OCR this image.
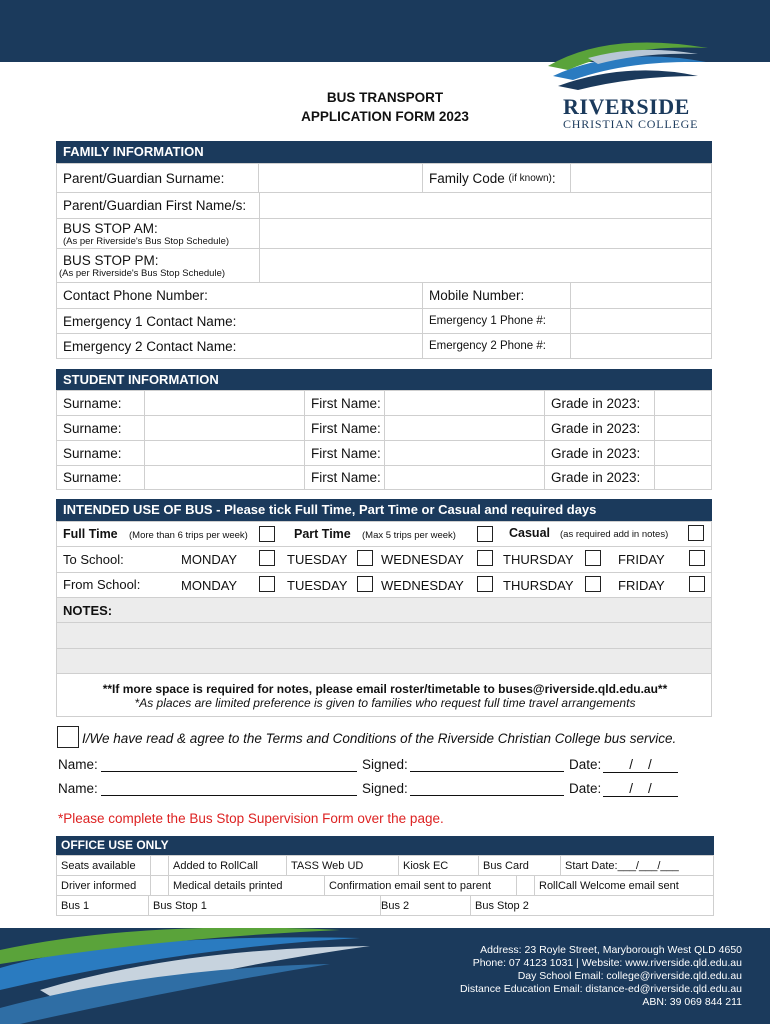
RIVERSIDE
CHRISTIAN COLLEGE
BUS TRANSPORT
APPLICATION FORM 2023
FAMILY INFORMATION
Parent/Guardian Surname:	Family Code
(if known) :
Parent/Guardian First Name/s:
BUS STOP AM:
(As per Riverside's Bus Stop Schedule)
BUS STOP PM:
(As per Riverside's Bus Stop Schedule)
Contact Phone Number:	Mobile Number:
Emergency 1 Contact Name:	Emergency 1 Phone #:
Emergency 2 Contact Name:	Emergency 2 Phone #:
STUDENT INFORMATION
Surname:	First Name:	Grade in 2023:
Surname:	First Name:	Grade in 2023:
Surname:	First Name:	Grade in 2023:
Surname:	First Name:	Grade in 2023:
INTENDED USE OF BUS - Please tick Full Time, Part Time or Casual and required days
Full Time (More than 6 trips per week)	Part Time (Max 5 trips per week)	Casual (as required add in notes)
To School:	MONDAY	TUESDAY	WEDNESDAY	THURSDAY	FRIDAY
From School:	MONDAY	TUESDAY	WEDNESDAY	THURSDAY	FRIDAY
NOTES:
**If more space is required for notes, please email roster/timetable to buses@riverside.qld.edu.au**
*As places are limited preference is given to families who request full time travel arrangements
I/We have read & agree to the Terms and Conditions of the Riverside Christian College bus service.
Name:	Signed:	Date:	/    /
Name:	Signed:	Date:	/    /
*Please complete the Bus Stop Supervision Form over the page.
OFFICE USE ONLY
Seats available	Added to RollCall	TASS Web UD	Kiosk EC	Bus Card	Start Date:___/___/___
Driver informed	Medical details printed	Confirmation email sent to parent	RollCall Welcome email sent
Bus 1	Bus Stop 1	Bus 2	Bus Stop 2
Address: 23 Royle Street, Maryborough West QLD 4650
Phone: 07 4123 1031 | Website: www.riverside.qld.edu.au
Day School Email: college@riverside.qld.edu.au
Distance Education Email: distance-ed@riverside.qld.edu.au
ABN: 39 069 844 211
